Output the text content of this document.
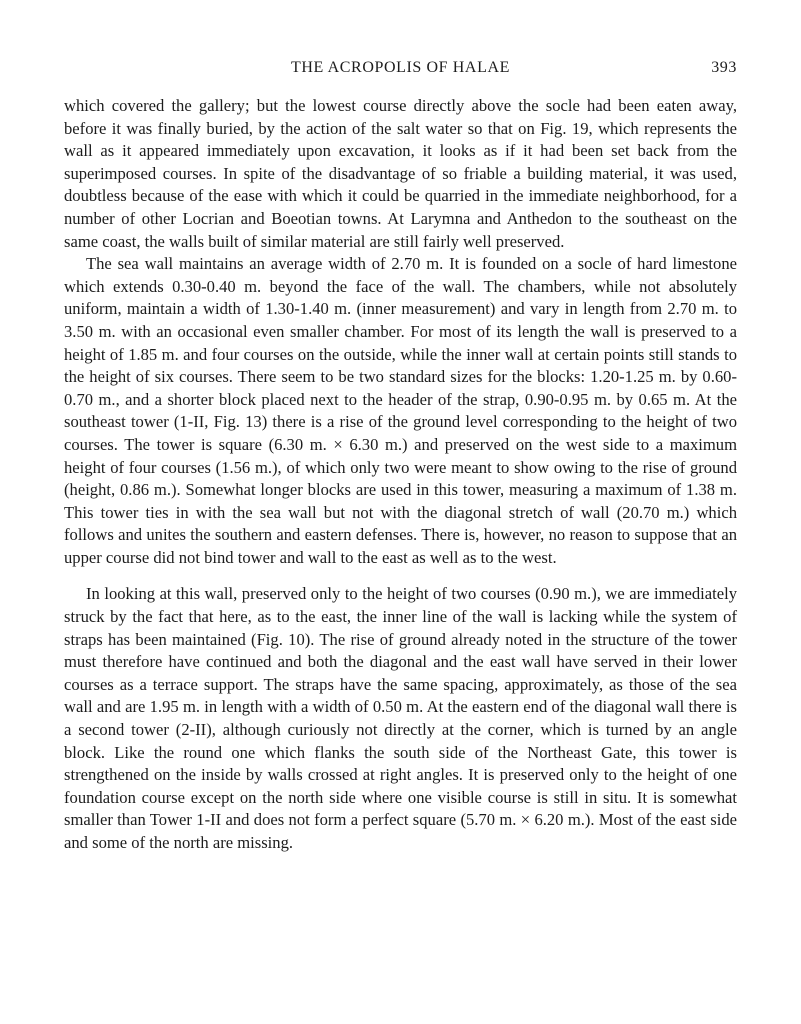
THE ACROPOLIS OF HALAE	393

which covered the gallery; but the lowest course directly above the socle had been eaten away, before it was finally buried, by the action of the salt water so that on Fig. 19, which represents the wall as it appeared immediately upon excavation, it looks as if it had been set back from the superimposed courses. In spite of the disadvantage of so friable a building material, it was used, doubtless because of the ease with which it could be quarried in the immediate neighborhood, for a number of other Locrian and Boeotian towns. At Larymna and Anthedon to the southeast on the same coast, the walls built of similar material are still fairly well preserved.

The sea wall maintains an average width of 2.70 m. It is founded on a socle of hard limestone which extends 0.30-0.40 m. beyond the face of the wall. The chambers, while not absolutely uniform, maintain a width of 1.30-1.40 m. (inner measurement) and vary in length from 2.70 m. to 3.50 m. with an occasional even smaller chamber. For most of its length the wall is preserved to a height of 1.85 m. and four courses on the outside, while the inner wall at certain points still stands to the height of six courses. There seem to be two standard sizes for the blocks: 1.20-1.25 m. by 0.60-0.70 m., and a shorter block placed next to the header of the strap, 0.90-0.95 m. by 0.65 m. At the southeast tower (1-II, Fig. 13) there is a rise of the ground level corresponding to the height of two courses. The tower is square (6.30 m. × 6.30 m.) and preserved on the west side to a maximum height of four courses (1.56 m.), of which only two were meant to show owing to the rise of ground (height, 0.86 m.). Somewhat longer blocks are used in this tower, measuring a maximum of 1.38 m. This tower ties in with the sea wall but not with the diagonal stretch of wall (20.70 m.) which follows and unites the southern and eastern defenses. There is, however, no reason to suppose that an upper course did not bind tower and wall to the east as well as to the west.

In looking at this wall, preserved only to the height of two courses (0.90 m.), we are immediately struck by the fact that here, as to the east, the inner line of the wall is lacking while the system of straps has been maintained (Fig. 10). The rise of ground already noted in the structure of the tower must therefore have continued and both the diagonal and the east wall have served in their lower courses as a terrace support. The straps have the same spacing, approximately, as those of the sea wall and are 1.95 m. in length with a width of 0.50 m. At the eastern end of the diagonal wall there is a second tower (2-II), although curiously not directly at the corner, which is turned by an angle block. Like the round one which flanks the south side of the Northeast Gate, this tower is strengthened on the inside by walls crossed at right angles. It is preserved only to the height of one foundation course except on the north side where one visible course is still in situ. It is somewhat smaller than Tower 1-II and does not form a perfect square (5.70 m. × 6.20 m.). Most of the east side and some of the north are missing.
